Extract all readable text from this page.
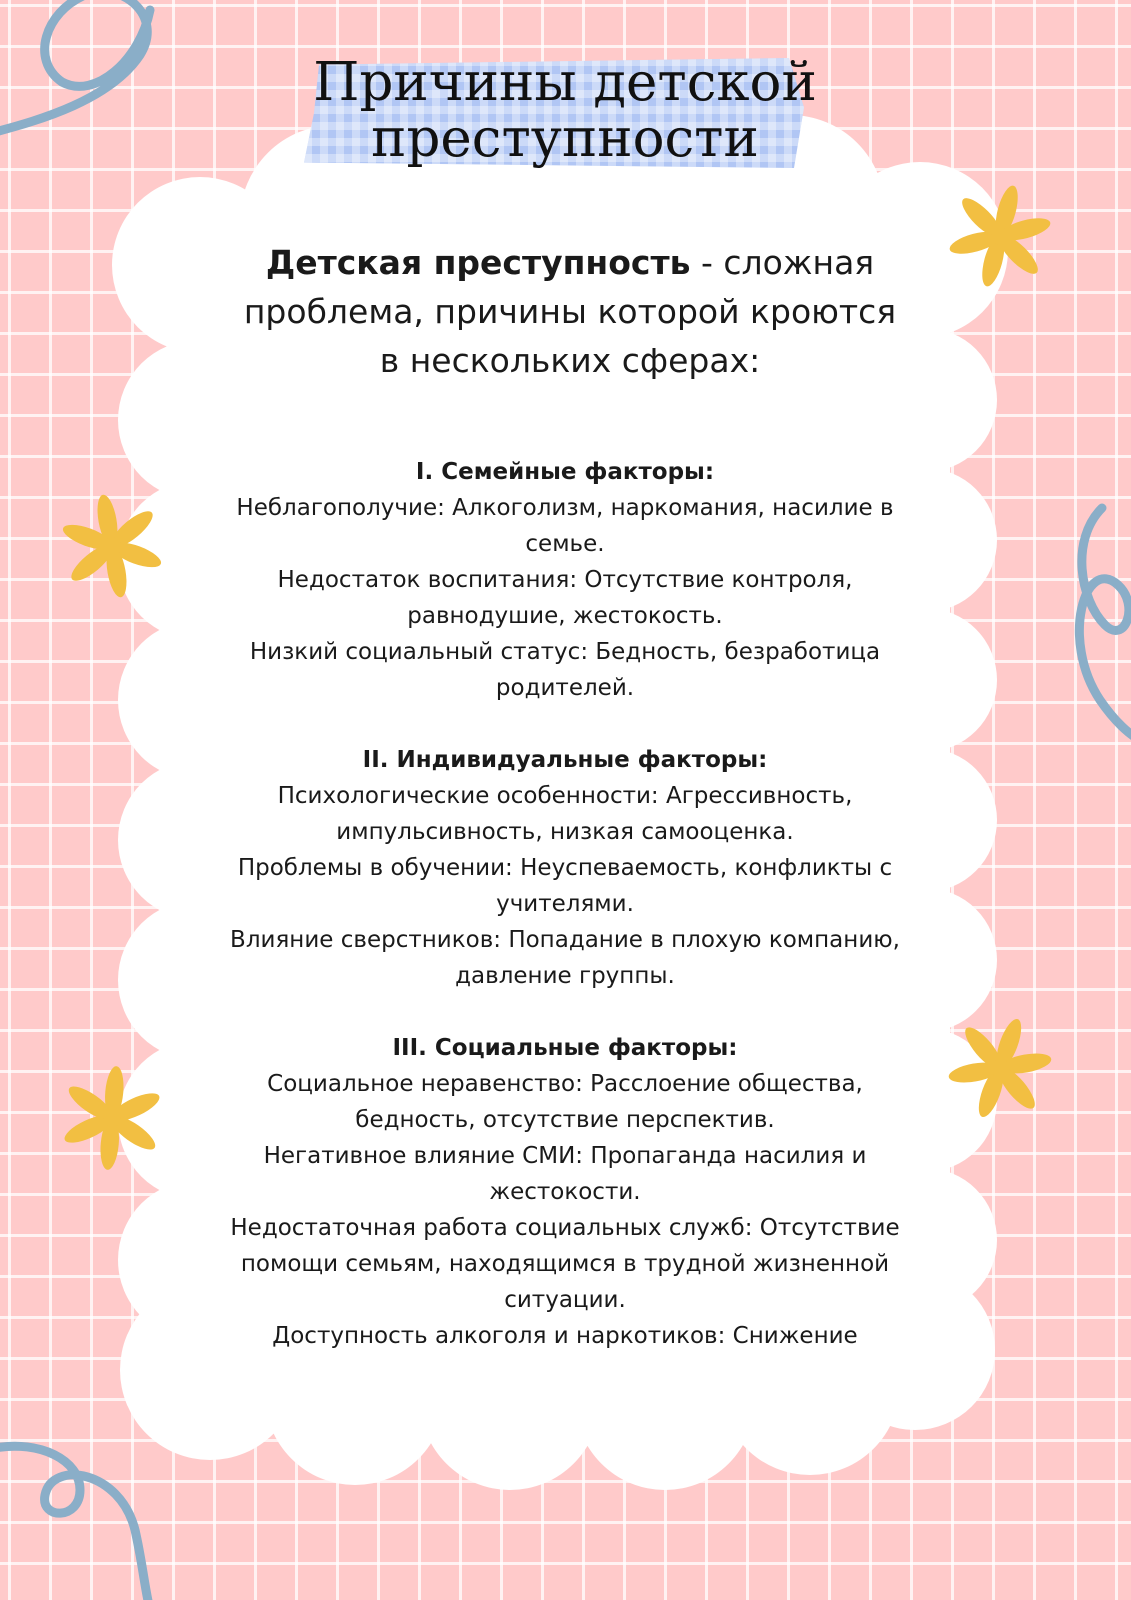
Причины детской
преступности

Детская преступность - сложная проблема, причины которой кроются в нескольких сферах:

I. Семейные факторы:

Неблагополучие: Алкоголизм, наркомания, насилие в семье.

Недостаток воспитания: Отсутствие контроля, равнодушие, жестокость.

Низкий социальный статус: Бедность, безработица родителей.

II. Индивидуальные факторы:

Психологические особенности: Агрессивность, импульсивность, низкая самооценка.

Проблемы в обучении: Неуспеваемость, конфликты с учителями.

Влияние сверстников: Попадание в плохую компанию, давление группы.

III. Социальные факторы:

Социальное неравенство: Расслоение общества, бедность, отсутствие перспектив.

Негативное влияние СМИ: Пропаганда насилия и жестокости.

Недостаточная работа социальных служб: Отсутствие помощи семьям, находящимся в трудной жизненной ситуации.

Доступность алкоголя и наркотиков: Снижение
